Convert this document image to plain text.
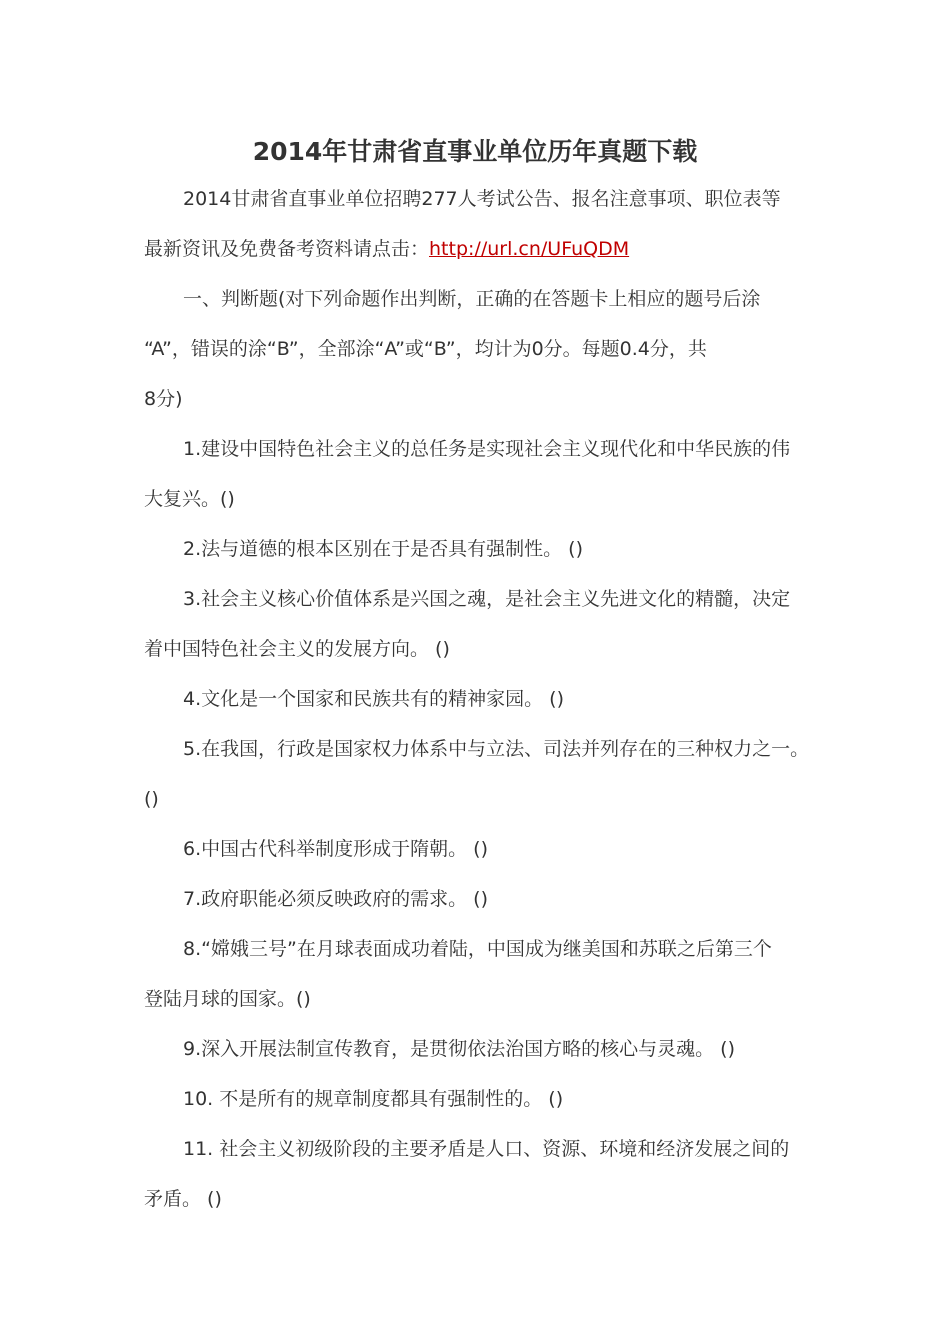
2014年甘肃省直事业单位历年真题下载
2014甘肃省直事业单位招聘277人考试公告、报名注意事项、职位表等
最新资讯及免费备考资料请点击：http://url.cn/UFuQDM
一、判断题(对下列命题作出判断，正确的在答题卡上相应的题号后涂
“A”，错误的涂“B”，全部涂“A”或“B”，均计为0分。每题0.4分，共
8分)
1.建设中国特色社会主义的总任务是实现社会主义现代化和中华民族的伟
大复兴。()
2.法与道德的根本区别在于是否具有强制性。 ()
3.社会主义核心价值体系是兴国之魂，是社会主义先进文化的精髓，决定
着中国特色社会主义的发展方向。 ()
4.文化是一个国家和民族共有的精神家园。 ()
5.在我国，行政是国家权力体系中与立法、司法并列存在的三种权力之一。
()
6.中国古代科举制度形成于隋朝。 ()
7.政府职能必须反映政府的需求。 ()
8.“嫦娥三号”在月球表面成功着陆，中国成为继美国和苏联之后第三个
登陆月球的国家。()
9.深入开展法制宣传教育，是贯彻依法治国方略的核心与灵魂。 ()
10. 不是所有的规章制度都具有强制性的。 ()
11. 社会主义初级阶段的主要矛盾是人口、资源、环境和经济发展之间的
矛盾。 ()
